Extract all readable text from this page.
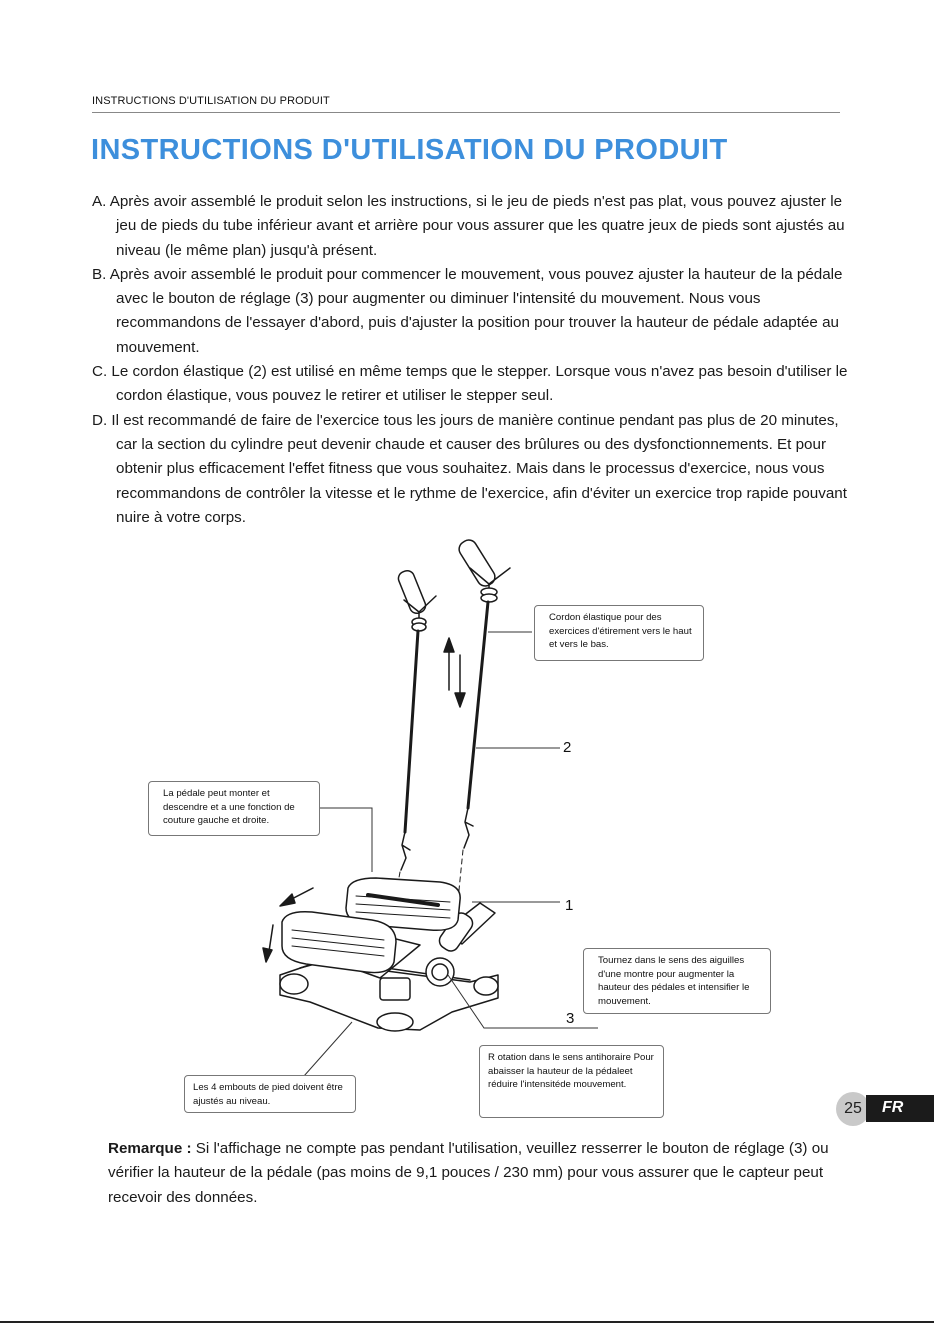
INSTRUCTIONS D'UTILISATION DU PRODUIT
INSTRUCTIONS D'UTILISATION DU PRODUIT
A. Après avoir assemblé le produit selon les instructions, si le jeu de pieds n'est pas plat, vous pouvez ajuster le jeu de pieds du tube inférieur avant et arrière pour vous assurer que les quatre jeux de pieds sont ajustés au niveau (le même plan) jusqu'à présent.
B. Après avoir assemblé le produit pour commencer le mouvement, vous pouvez ajuster la hauteur de la pédale avec le bouton de réglage (3) pour augmenter ou diminuer l'intensité du mouvement. Nous vous recommandons de l'essayer d'abord, puis d'ajuster la position pour trouver la hauteur de pédale adaptée au mouvement.
C. Le cordon élastique (2) est utilisé en même temps que le stepper. Lorsque vous n'avez pas besoin d'utiliser le cordon élastique, vous pouvez le retirer et utiliser le stepper seul.
D. Il est recommandé de faire de l'exercice tous les jours de manière continue pendant pas plus de 20 minutes, car la section du cylindre peut devenir chaude et causer des brûlures ou des dysfonctionnements. Et pour obtenir plus efficacement l'effet fitness que vous souhaitez. Mais dans le processus d'exercice, nous vous recommandons de contrôler la vitesse et le rythme de l'exercice, afin d'éviter un exercice trop rapide pouvant nuire à votre corps.
Cordon élastique pour des exercices d'étirement vers le haut et vers le bas.
2
La pédale peut monter et descendre et a une fonction de couture gauche et droite.
1
Tournez dans le sens des aiguilles d'une montre pour augmenter la hauteur des pédales et intensifier le mouvement.
3
R otation dans le sens antihoraire Pour abaisser la hauteur de la pédaleet réduire l'intensitéde mouvement.
Les 4 embouts de pied doivent être ajustés au niveau.	25	FR

Remarque : Si l'affichage ne compte pas pendant l'utilisation, veuillez resserrer le bouton de réglage (3) ou vérifier la hauteur de la pédale (pas moins de 9,1 pouces / 230 mm) pour vous assurer que le capteur peut recevoir des données.
